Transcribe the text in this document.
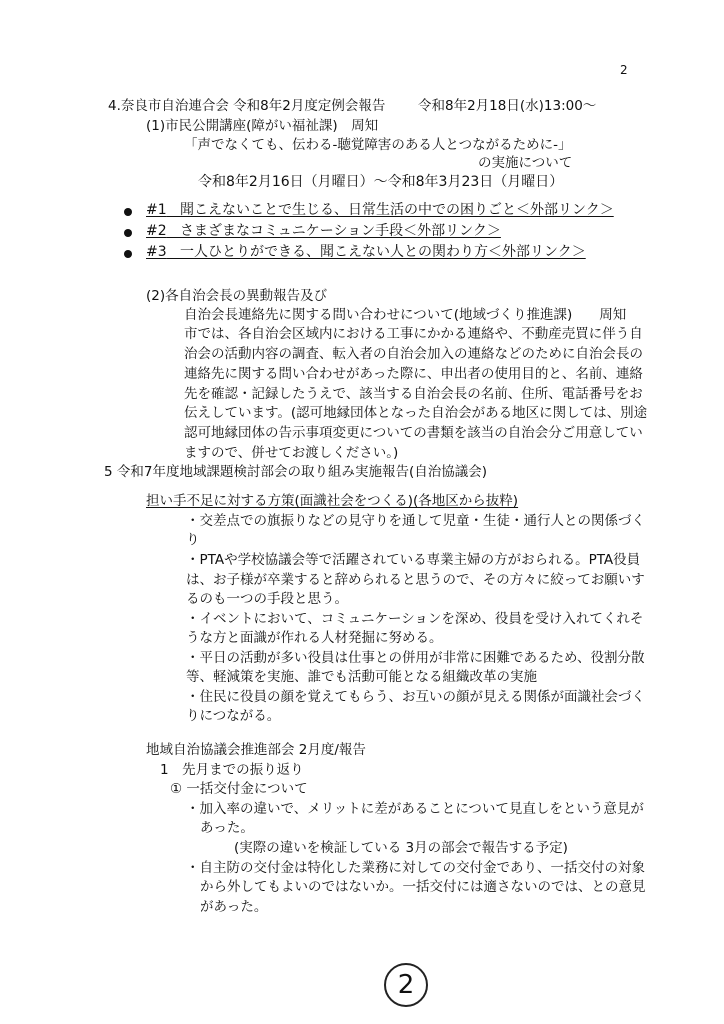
2
4.奈良市自治連合会 令和8年2月度定例会報告 令和8年2月18日(水)13:00～
(1)市民公開講座(障がい福祉課)　周知
「声でなくても、伝わる-聴覚障害のある人とつながるために-」
の実施について
令和8年2月16日（月曜日）～令和8年3月23日（月曜日）
#1 聞こえないことで生じる、日常生活の中での困りごと＜外部リンク＞
#2 さまざまなコミュニケーション手段＜外部リンク＞
#3 一人ひとりができる、聞こえない人との関わり方＜外部リンク＞
(2)各自治会長の異動報告及び
自治会長連絡先に関する問い合わせについて(地域づくり推進課)　　周知
市では、各自治会区域内における工事にかかる連絡や、不動産売買に伴う自
治会の活動内容の調査、転入者の自治会加入の連絡などのために自治会長の
連絡先に関する問い合わせがあった際に、申出者の使用目的と、名前、連絡
先を確認・記録したうえで、該当する自治会長の名前、住所、電話番号をお
伝えしています。(認可地縁団体となった自治会がある地区に関しては、別途
認可地縁団体の告示事項変更についての書類を該当の自治会分ご用意してい
ますので、併せてお渡しください。)
5 令和7年度地域課題検討部会の取り組み実施報告(自治協議会)
担い手不足に対する方策(面識社会をつくる)(各地区から抜粋)
・交差点での旗振りなどの見守りを通して児童・生徒・通行人との関係づく
り
・PTAや学校協議会等で活躍されている専業主婦の方がおられる。PTA役員
は、お子様が卒業すると辞められると思うので、その方々に絞ってお願いす
るのも一つの手段と思う。
・イベントにおいて、コミュニケーションを深め、役員を受け入れてくれそ
うな方と面識が作れる人材発掘に努める。
・平日の活動が多い役員は仕事との併用が非常に困難であるため、役割分散
等、軽減策を実施、誰でも活動可能となる組織改革の実施
・住民に役員の顔を覚えてもらう、お互いの顔が見える関係が面識社会づく
りにつながる。
地域自治協議会推進部会 2月度/報告
1　先月までの振り返り
① 一括交付金について
・加入率の違いで、メリットに差があることについて見直しをという意見が
あった。
(実際の違いを検証している 3月の部会で報告する予定)
・自主防の交付金は特化した業務に対しての交付金であり、一括交付の対象
から外してもよいのではないか。一括交付には適さないのでは、との意見
があった。
2
